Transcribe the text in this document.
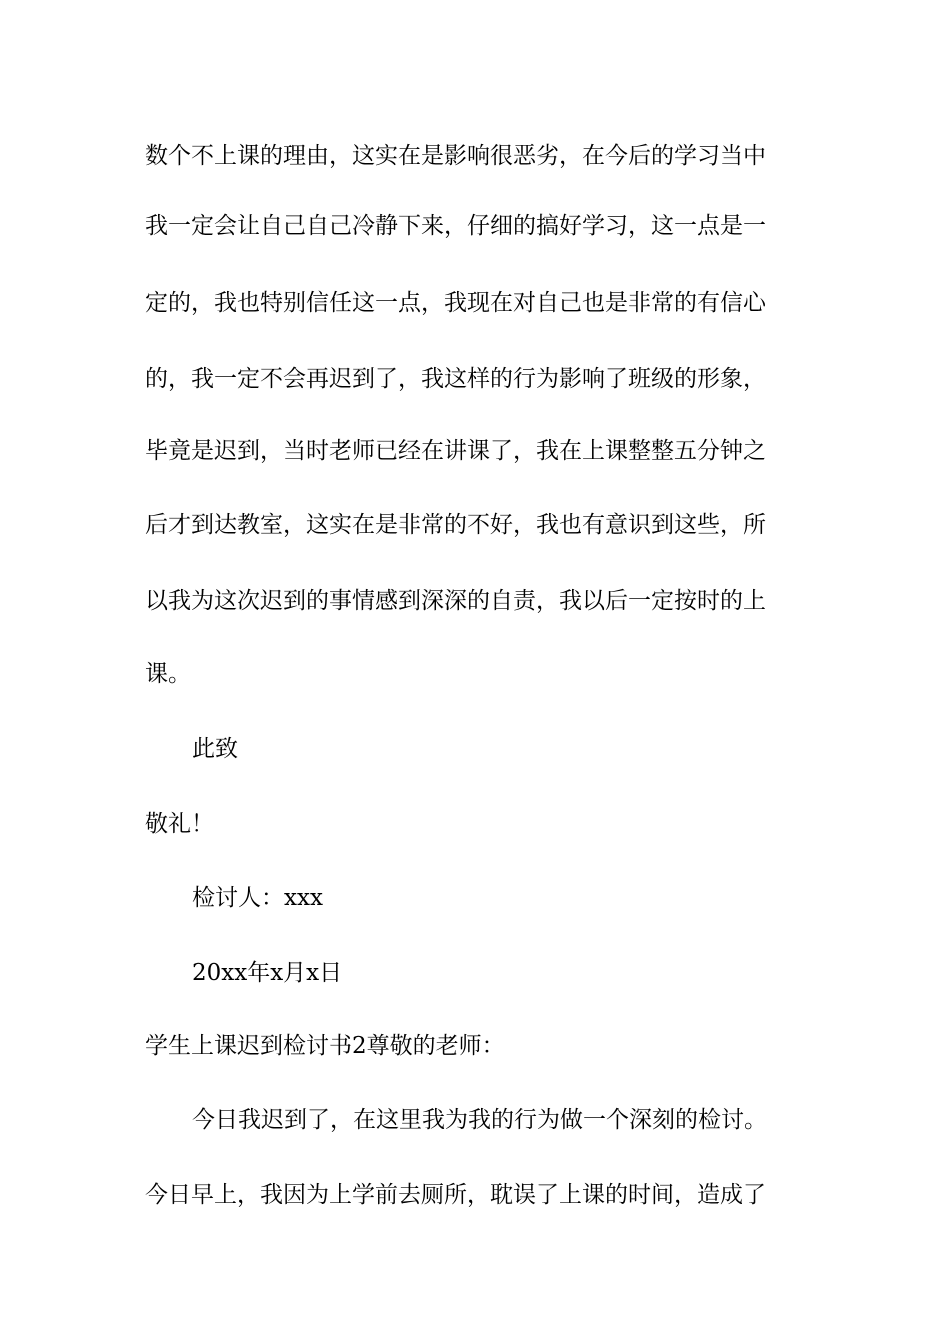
数个不上课的理由，这实在是影响很恶劣，在今后的学习当中
我一定会让自己自己冷静下来，仔细的搞好学习，这一点是一
定的，我也特别信任这一点，我现在对自己也是非常的有信心
的，我一定不会再迟到了，我这样的行为影响了班级的形象，
毕竟是迟到，当时老师已经在讲课了，我在上课整整五分钟之
后才到达教室，这实在是非常的不好，我也有意识到这些，所
以我为这次迟到的事情感到深深的自责，我以后一定按时的上
课。
此致
敬礼！
检讨人：xxx
20xx年x月x日
学生上课迟到检讨书2尊敬的老师：
今日我迟到了，在这里我为我的行为做一个深刻的检讨。
今日早上，我因为上学前去厕所，耽误了上课的时间，造成了
